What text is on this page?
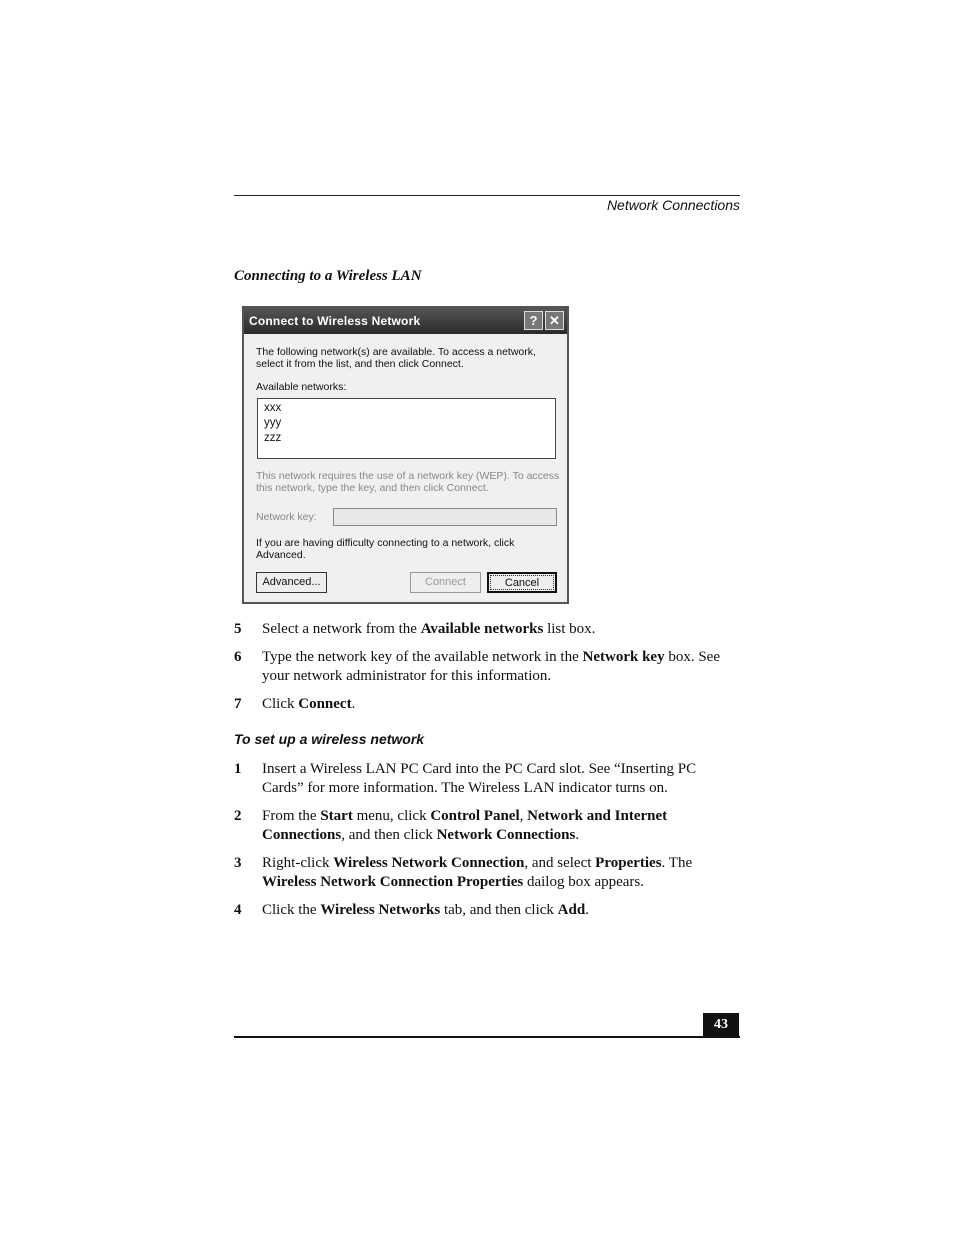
Network Connections
Connecting to a Wireless LAN
Connect to Wireless Network	? ✕
The following network(s) are available. To access a network, select it from the list, and then click Connect.
Available networks:
xxx
yyy
zzz
This network requires the use of a network key (WEP). To access this network, type the key, and then click Connect.
Network key:
If you are having difficulty connecting to a network, click Advanced.
Advanced...	Connect	Cancel
5 Select a network from the Available networks list box.
6 Type the network key of the available network in the Network key box. See your network administrator for this information.
7 Click Connect.
To set up a wireless network
1 Insert a Wireless LAN PC Card into the PC Card slot. See “Inserting PC Cards” for more information. The Wireless LAN indicator turns on.
2 From the Start menu, click Control Panel, Network and Internet Connections, and then click Network Connections.
3 Right-click Wireless Network Connection, and select Properties. The Wireless Network Connection Properties dailog box appears.
4 Click the Wireless Networks tab, and then click Add.
43
